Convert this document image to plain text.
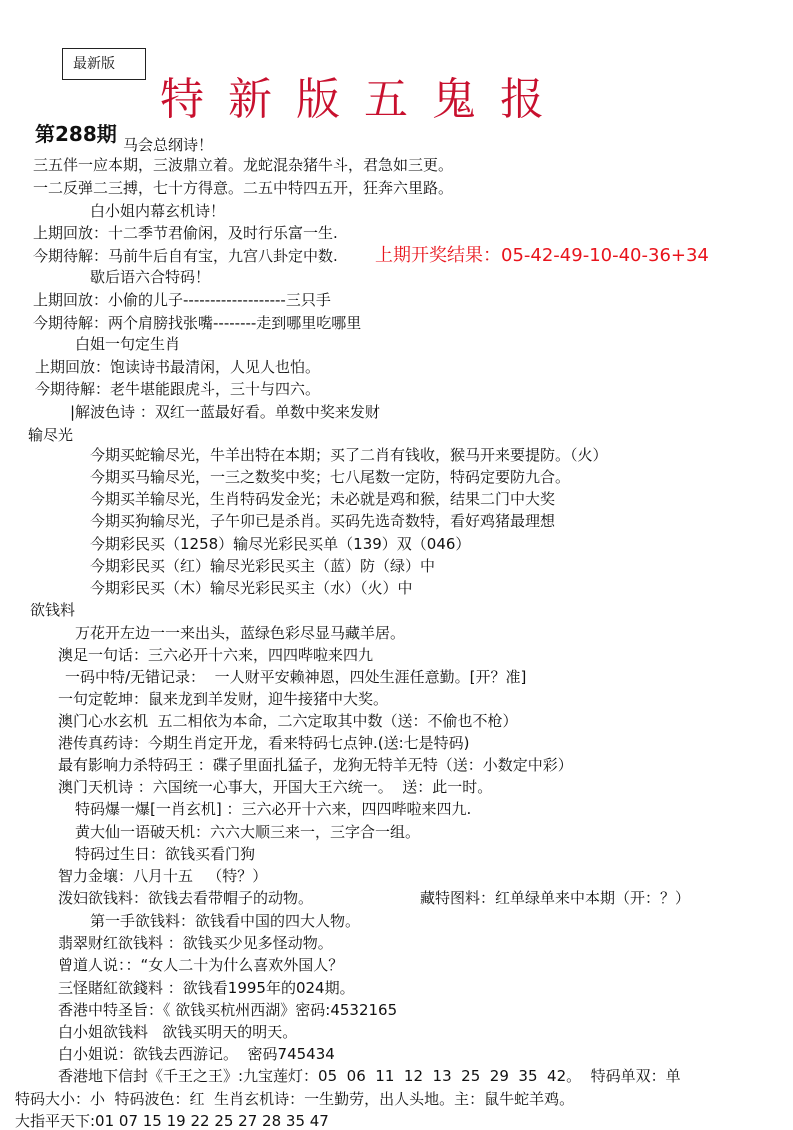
最新版
特新版五鬼报
第288期
上期开奖结果：05-42-49-10-40-36+34
马会总纲诗！
三五伴一应本期，三波鼎立着。龙蛇混杂猪牛斗，君急如三更。
一二反弹二三搏，七十方得意。二五中特四五开，狂奔六里路。
白小姐内幕玄机诗！
上期回放：十二季节君偷闲，及时行乐富一生.
今期待解：马前牛后自有宝，九宫八卦定中数.
歇后语六合特码！
上期回放：小偷的儿子-------------------三只手
今期待解：两个肩膀找张嘴--------走到哪里吃哪里
白姐一句定生肖
上期回放：饱读诗书最清闲，人见人也怕。
今期待解：老牛堪能跟虎斗，三十与四六。
|解波色诗 ：双红一蓝最好看。单数中奖来发财
输尽光
今期买蛇输尽光，牛羊出特在本期；买了二肖有钱收，猴马开来要提防。（火）
今期买马输尽光，一三之数奖中奖；七八尾数一定防，特码定要防九合。
今期买羊输尽光，生肖特码发金光；未必就是鸡和猴，结果二门中大奖
今期买狗输尽光，子午卯已是杀肖。买码先选奇数特，看好鸡猪最理想
今期彩民买（1258）输尽光彩民买单（139）双（046）
今期彩民买（红）输尽光彩民买主（蓝）防（绿）中
今期彩民买（木）输尽光彩民买主（水）（火）中
欲钱料
万花开左边一一来出头，蓝绿色彩尽显马藏羊居。
澳足一句话：三六必开十六来，四四哔啦来四九
一码中特/无错记录：  一人财平安赖神恩，四处生涯任意勤。[开？准]
一句定乾坤：鼠来龙到羊发财，迎牛接猪中大奖。
澳门心水玄机  五二相依为本命，二六定取其中数（送：不偷也不枪）
港传真药诗：今期生肖定开龙，看来特码七点钟.(送:七是特码)
最有影响力杀特码王 ：碟子里面扎猛子，龙狗无特羊无特（送：小数定中彩）
澳门天机诗 ：六国统一心事大，开国大王六统一。  送：此一时。
特码爆一爆[一肖玄机] ：三六必开十六来，四四哔啦来四九.
黄大仙一语破天机：六六大顺三来一，三字合一组。
特码过生日：欲钱买看门狗
智力金壤：八月十五   （特？）
泼妇欲钱料：欲钱去看带帽子的动物。	藏特图料：红单绿单来中本期（开：？）
第一手欲钱料：欲钱看中国的四大人物。
翡翠财红欲钱料 ：欲钱买少见多怪动物。
曾道人说：：“女人二十为什么喜欢外国人？
三怪賭紅欲錢料 ：欲钱看1995年的024期。
香港中特圣旨：《 欲钱买杭州西湖》密码:4532165
白小姐欲钱料   欲钱买明天的明天。
白小姐说：欲钱去西游记。  密码745434
香港地下信封《千王之王》:九宝莲灯：05  06  11  12  13  25  29  35  42。  特码单双：单
特码大小：小  特码波色：红  生肖玄机诗：一生勤劳，出人头地。主：鼠牛蛇羊鸡。
大指平天下:01 07 15 19 22 25 27 28 35 47
